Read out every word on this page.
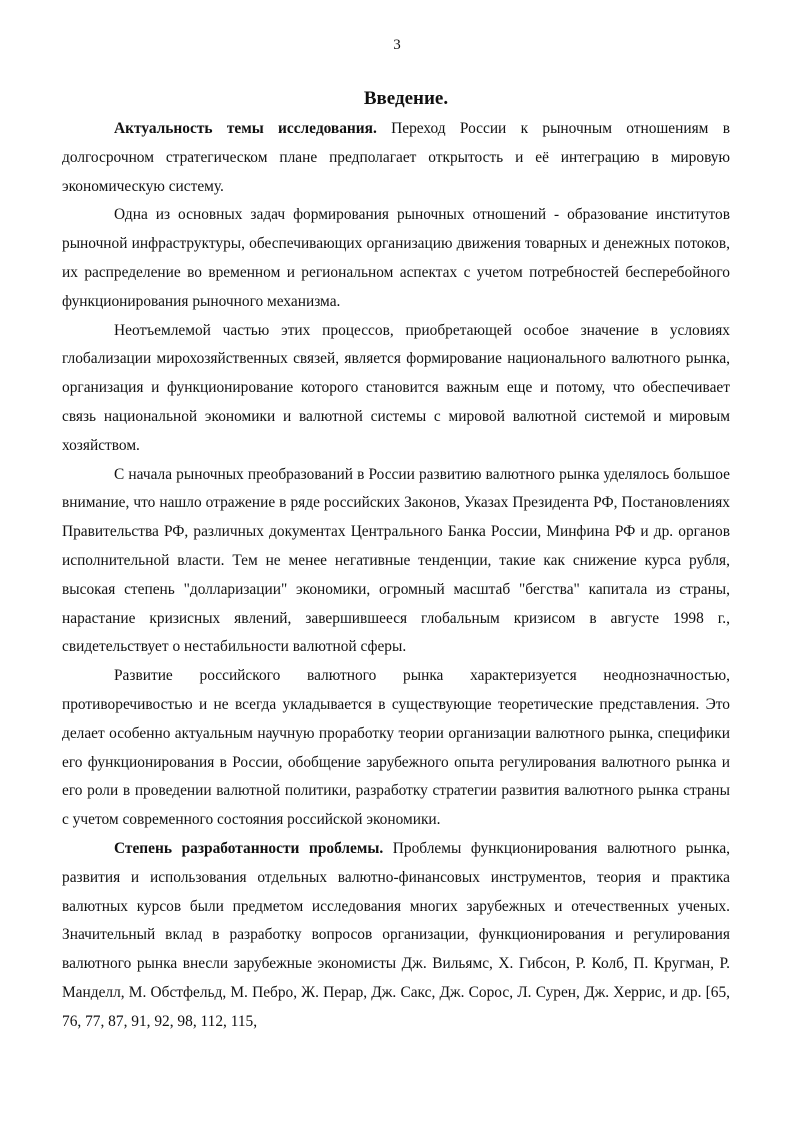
3
Введение.

Актуальность темы исследования. Переход России к рыночным отношениям в долгосрочном стратегическом плане предполагает открытость и её интеграцию в мировую экономическую систему.

Одна из основных задач формирования рыночных отношений - образование институтов рыночной инфраструктуры, обеспечивающих организацию движения товарных и денежных потоков, их распределение во временном и региональном аспектах с учетом потребностей бесперебойного функционирования рыночного механизма.

Неотъемлемой частью этих процессов, приобретающей особое значение в условиях глобализации мирохозяйственных связей, является формирование национального валютного рынка, организация и функционирование которого становится важным еще и потому, что обеспечивает связь национальной экономики и валютной системы с мировой валютной системой и мировым хозяйством.

С начала рыночных преобразований в России развитию валютного рынка уделялось большое внимание, что нашло отражение в ряде российских Законов, Указах Президента РФ, Постановлениях Правительства РФ, различных документах Центрального Банка России, Минфина РФ и др. органов исполнительной власти. Тем не менее негативные тенденции, такие как снижение курса рубля, высокая степень "долларизации" экономики, огромный масштаб "бегства" капитала из страны, нарастание кризисных явлений, завершившееся глобальным кризисом в августе 1998 г., свидетельствует о нестабильности валютной сферы.

Развитие российского валютного рынка характеризуется неоднозначностью, противоречивостью и не всегда укладывается в существующие теоретические представления. Это делает особенно актуальным научную проработку теории организации валютного рынка, специфики его функционирования в России, обобщение зарубежного опыта регулирования валютного рынка и его роли в проведении валютной политики, разработку стратегии развития валютного рынка страны с учетом современного состояния российской экономики.

Степень разработанности проблемы. Проблемы функционирования валютного рынка, развития и использования отдельных валютно-финансовых инструментов, теория и практика валютных курсов были предметом исследования многих зарубежных и отечественных ученых. Значительный вклад в разработку вопросов организации, функционирования и регулирования валютного рынка внесли зарубежные экономисты Дж. Вильямс, Х. Гибсон, Р. Колб, П. Кругман, Р. Манделл, М. Обстфельд, М. Пебро, Ж. Перар, Дж. Сакс, Дж. Сорос, Л. Сурен, Дж. Херрис, и др. [65, 76, 77, 87, 91, 92, 98, 112, 115,
